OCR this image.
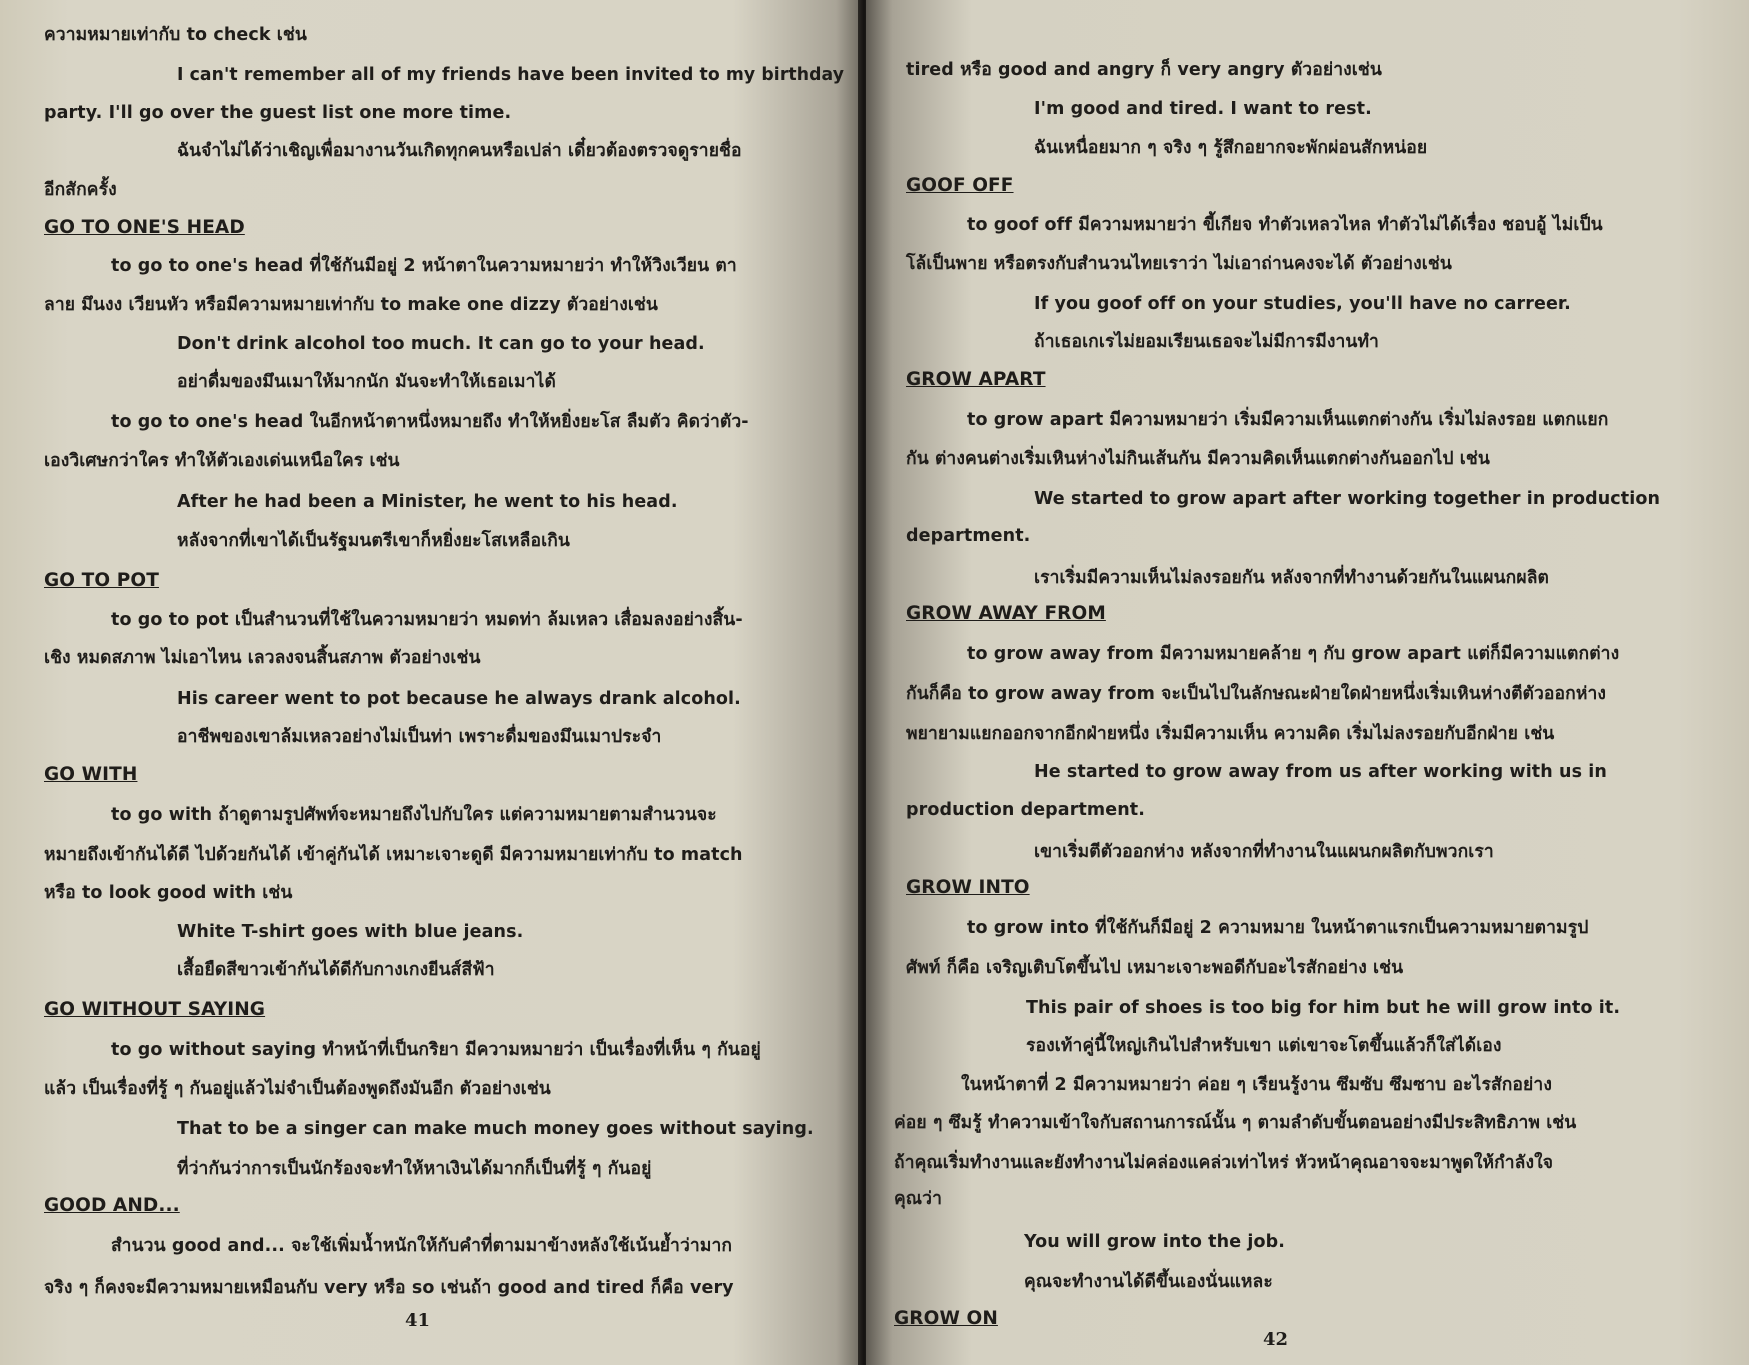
ความหมายเท่ากับ to check เช่น

I can't remember all of my friends have been invited to my birthday

party. I'll go over the guest list one more time.

ฉันจำไม่ได้ว่าเชิญเพื่อมางานวันเกิดทุกคนหรือเปล่า เดี๋ยวต้องตรวจดูรายชื่อ

อีกสักครั้ง

GO TO ONE'S HEAD

to go to one's head ที่ใช้กันมีอยู่ 2 หน้าตาในความหมายว่า ทำให้วิงเวียน ตา

ลาย มึนงง เวียนหัว หรือมีความหมายเท่ากับ to make one dizzy ตัวอย่างเช่น

Don't drink alcohol too much. It can go to your head.

อย่าดื่มของมึนเมาให้มากนัก มันจะทำให้เธอเมาได้

to go to one's head ในอีกหน้าตาหนึ่งหมายถึง ทำให้หยิ่งยะโส ลืมตัว คิดว่าตัว-

เองวิเศษกว่าใคร ทำให้ตัวเองเด่นเหนือใคร เช่น

After he had been a Minister, he went to his head.

หลังจากที่เขาได้เป็นรัฐมนตรีเขาก็หยิ่งยะโสเหลือเกิน

GO TO POT

to go to pot เป็นสำนวนที่ใช้ในความหมายว่า หมดท่า ล้มเหลว เสื่อมลงอย่างสิ้น-

เชิง หมดสภาพ ไม่เอาไหน เลวลงจนสิ้นสภาพ ตัวอย่างเช่น

His career went to pot because he always drank alcohol.

อาชีพของเขาล้มเหลวอย่างไม่เป็นท่า เพราะดื่มของมึนเมาประจำ

GO WITH

to go with ถ้าดูตามรูปศัพท์จะหมายถึงไปกับใคร แต่ความหมายตามสำนวนจะ

หมายถึงเข้ากันได้ดี ไปด้วยกันได้ เข้าคู่กันได้ เหมาะเจาะดูดี มีความหมายเท่ากับ to match

หรือ to look good with เช่น

White T-shirt goes with blue jeans.

เสื้อยืดสีขาวเข้ากันได้ดีกับกางเกงยีนส์สีฟ้า

GO WITHOUT SAYING

to go without saying ทำหน้าที่เป็นกริยา มีความหมายว่า เป็นเรื่องที่เห็น ๆ กันอยู่

แล้ว เป็นเรื่องที่รู้ ๆ กันอยู่แล้วไม่จำเป็นต้องพูดถึงมันอีก ตัวอย่างเช่น

That to be a singer can make much money goes without saying.

ที่ว่ากันว่าการเป็นนักร้องจะทำให้หาเงินได้มากก็เป็นที่รู้ ๆ กันอยู่

GOOD AND...

สำนวน good and... จะใช้เพิ่มน้ำหนักให้กับคำที่ตามมาข้างหลังใช้เน้นย้ำว่ามาก

จริง ๆ ก็คงจะมีความหมายเหมือนกับ very หรือ so เช่นถ้า good and tired ก็คือ very

41

tired หรือ good and angry ก็ very angry ตัวอย่างเช่น

I'm good and tired. I want to rest.

ฉันเหนื่อยมาก ๆ จริง ๆ รู้สึกอยากจะพักผ่อนสักหน่อย

GOOF OFF

to goof off มีความหมายว่า ขี้เกียจ ทำตัวเหลวไหล ทำตัวไม่ได้เรื่อง ชอบอู้ ไม่เป็น

โล้เป็นพาย หรือตรงกับสำนวนไทยเราว่า ไม่เอาถ่านคงจะได้ ตัวอย่างเช่น

If you goof off on your studies, you'll have no carreer.

ถ้าเธอเกเรไม่ยอมเรียนเธอจะไม่มีการมีงานทำ

GROW APART

to grow apart มีความหมายว่า เริ่มมีความเห็นแตกต่างกัน เริ่มไม่ลงรอย แตกแยก

กัน ต่างคนต่างเริ่มเหินห่างไม่กินเส้นกัน มีความคิดเห็นแตกต่างกันออกไป เช่น

We started to grow apart after working together in production

department.

เราเริ่มมีความเห็นไม่ลงรอยกัน หลังจากที่ทำงานด้วยกันในแผนกผลิต

GROW AWAY FROM

to grow away from มีความหมายคล้าย ๆ กับ grow apart แต่ก็มีความแตกต่าง

กันก็คือ to grow away from จะเป็นไปในลักษณะฝ่ายใดฝ่ายหนึ่งเริ่มเหินห่างตีตัวออกห่าง

พยายามแยกออกจากอีกฝ่ายหนึ่ง เริ่มมีความเห็น ความคิด เริ่มไม่ลงรอยกับอีกฝ่าย เช่น

He started to grow away from us after working with us in

production department.

เขาเริ่มตีตัวออกห่าง หลังจากที่ทำงานในแผนกผลิตกับพวกเรา

GROW INTO

to grow into ที่ใช้กันก็มีอยู่ 2 ความหมาย ในหน้าตาแรกเป็นความหมายตามรูป

ศัพท์ ก็คือ เจริญเติบโตขึ้นไป เหมาะเจาะพอดีกับอะไรสักอย่าง เช่น

This pair of shoes is too big for him but he will grow into it.

รองเท้าคู่นี้ใหญ่เกินไปสำหรับเขา แต่เขาจะโตขึ้นแล้วก็ใส่ได้เอง

ในหน้าตาที่ 2 มีความหมายว่า ค่อย ๆ เรียนรู้งาน ซึมซับ ซึมซาบ อะไรสักอย่าง

ค่อย ๆ ซึมรู้ ทำความเข้าใจกับสถานการณ์นั้น ๆ ตามลำดับขั้นตอนอย่างมีประสิทธิภาพ เช่น

ถ้าคุณเริ่มทำงานและยังทำงานไม่คล่องแคล่วเท่าไหร่ หัวหน้าคุณอาจจะมาพูดให้กำลังใจ

คุณว่า

You will grow into the job.

คุณจะทำงานได้ดีขึ้นเองนั่นแหละ

GROW ON

42
